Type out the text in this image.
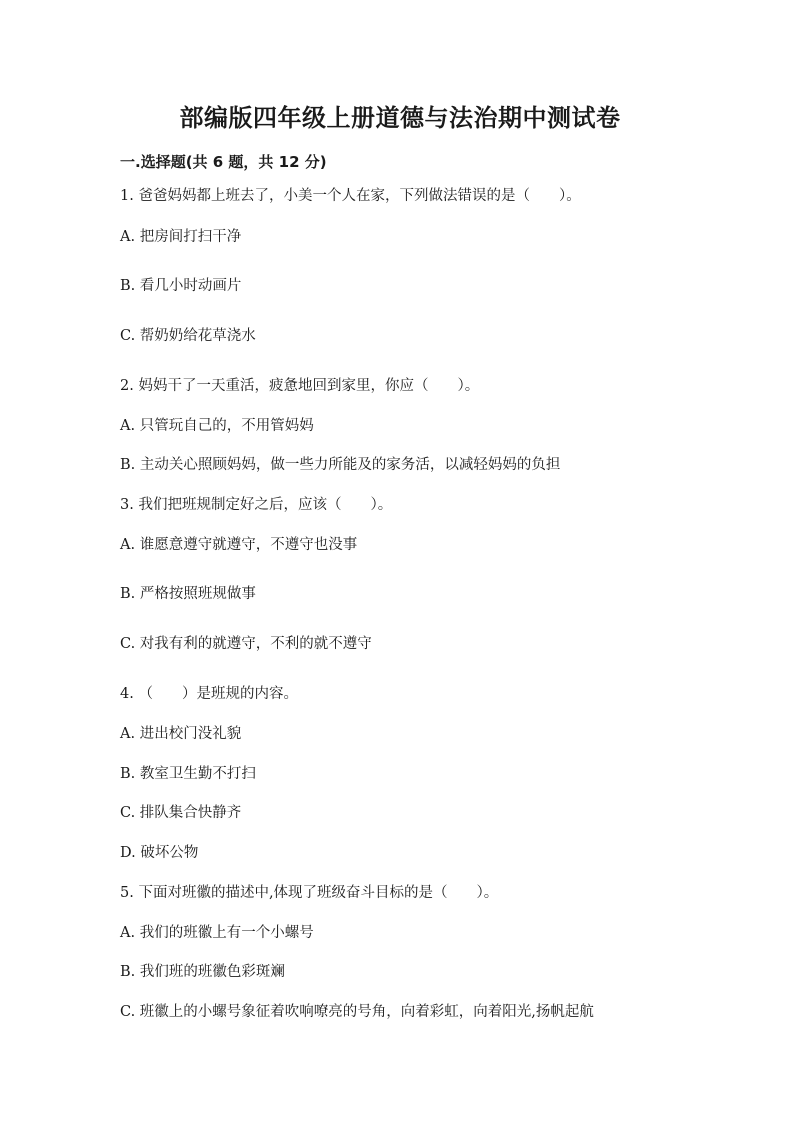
部编版四年级上册道德与法治期中测试卷
一.选择题(共 6 题，共 12 分)
1. 爸爸妈妈都上班去了，小美一个人在家，下列做法错误的是（　　）。
A. 把房间打扫干净
B. 看几小时动画片
C. 帮奶奶给花草浇水
2. 妈妈干了一天重活，疲惫地回到家里，你应（　　）。
A. 只管玩自己的，不用管妈妈
B. 主动关心照顾妈妈，做一些力所能及的家务活，以减轻妈妈的负担
3. 我们把班规制定好之后，应该（　　）。
A. 谁愿意遵守就遵守，不遵守也没事
B. 严格按照班规做事
C. 对我有利的就遵守，不利的就不遵守
4. （　　）是班规的内容。
A. 进出校门没礼貌
B. 教室卫生勤不打扫
C. 排队集合快静齐
D. 破坏公物
5. 下面对班徽的描述中,体现了班级奋斗目标的是（　　）。
A. 我们的班徽上有一个小螺号
B. 我们班的班徽色彩斑斓
C. 班徽上的小螺号象征着吹响嘹亮的号角，向着彩虹，向着阳光,扬帆起航
